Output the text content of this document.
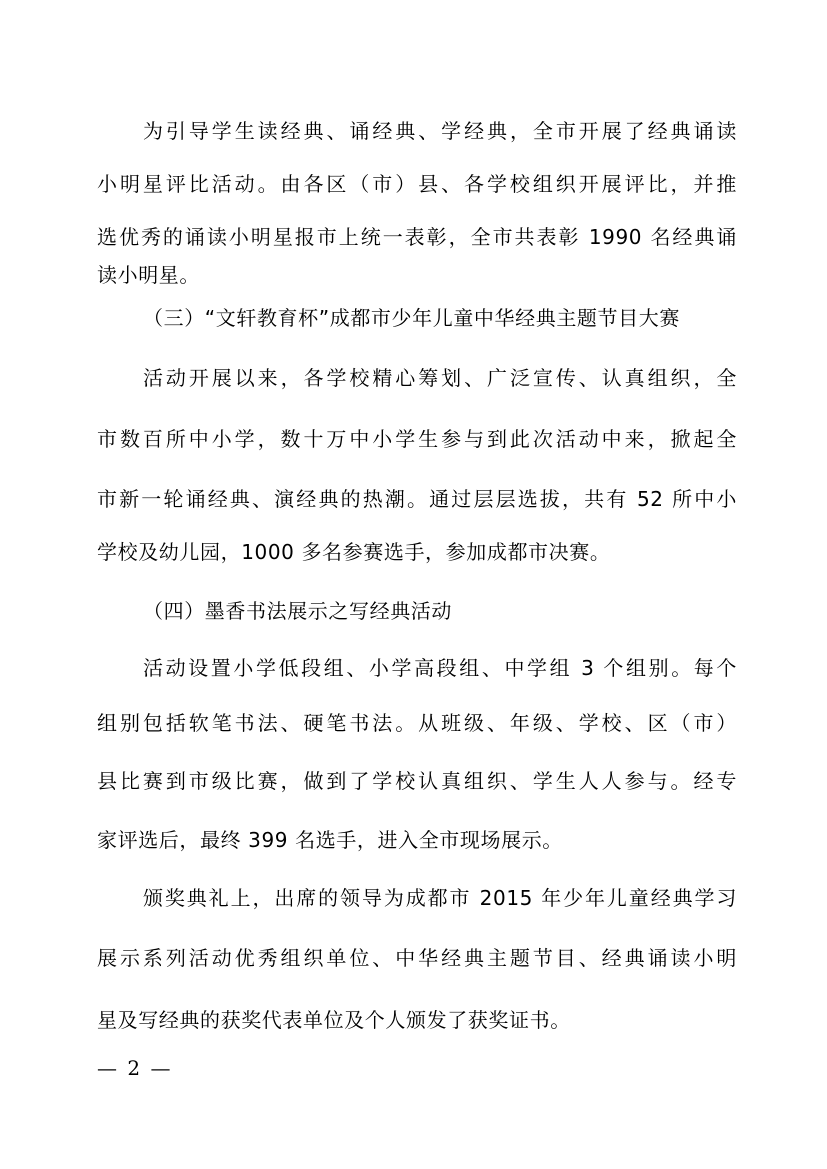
为引导学生读经典、诵经典、学经典，全市开展了经典诵读
小明星评比活动。由各区（市）县、各学校组织开展评比，并推
选优秀的诵读小明星报市上统一表彰，全市共表彰 1990 名经典诵
读小明星。
（三）“文轩教育杯”成都市少年儿童中华经典主题节目大赛
活动开展以来，各学校精心筹划、广泛宣传、认真组织，全
市数百所中小学，数十万中小学生参与到此次活动中来，掀起全
市新一轮诵经典、演经典的热潮。通过层层选拔，共有 52 所中小
学校及幼儿园，1000 多名参赛选手，参加成都市决赛。
（四）墨香书法展示之写经典活动
活动设置小学低段组、小学高段组、中学组 3 个组别。每个
组别包括软笔书法、硬笔书法。从班级、年级、学校、区（市）
县比赛到市级比赛，做到了学校认真组织、学生人人参与。经专
家评选后，最终 399 名选手，进入全市现场展示。
颁奖典礼上，出席的领导为成都市 2015 年少年儿童经典学习
展示系列活动优秀组织单位、中华经典主题节目、经典诵读小明
星及写经典的获奖代表单位及个人颁发了获奖证书。
— 2 —
